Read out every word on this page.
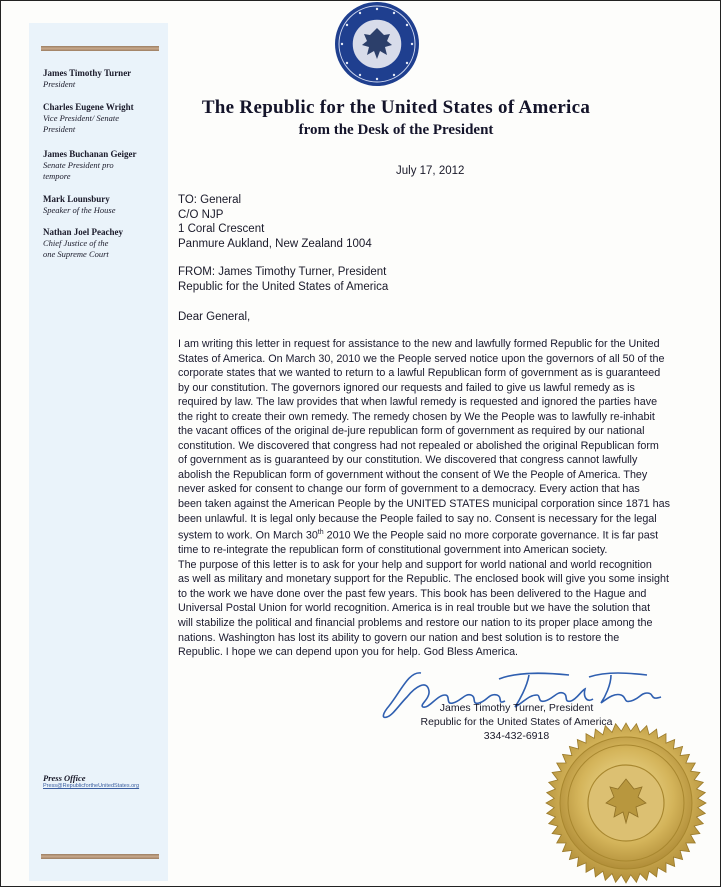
James Timothy Turner
President
Charles Eugene Wright
Vice President/ Senate
President
James Buchanan Geiger
Senate President pro
tempore
Mark Lounsbury
Speaker of the House
Nathan Joel Peachey
Chief Justice of the
one Supreme Court
Press Office
Press@RepublicfortheUnitedStates.org
The Republic for the United States of America
from the Desk of the President
July 17, 2012
TO: General
C/O NJP
1 Coral Crescent
Panmure Aukland, New Zealand 1004
FROM: James Timothy Turner, President
Republic for the United States of America
Dear General,
I am writing this letter in request for assistance to the new and lawfully formed Republic for the United
States of America. On March 30, 2010 we the People served notice upon the governors of all 50 of the
corporate states that we wanted to return to a lawful Republican form of government as is guaranteed
by our constitution. The governors ignored our requests and failed to give us lawful remedy as is
required by law. The law provides that when lawful remedy is requested and ignored the parties have
the right to create their own remedy. The remedy chosen by We the People was to lawfully re-inhabit
the vacant offices of the original de-jure republican form of government as required by our national
constitution. We discovered that congress had not repealed or abolished the original Republican form
of government as is guaranteed by our constitution. We discovered that congress cannot lawfully
abolish the Republican form of government without the consent of We the People of America. They
never asked for consent to change our form of government to a democracy. Every action that has
been taken against the American People by the UNITED STATES municipal corporation since 1871 has
been unlawful. It is legal only because the People failed to say no. Consent is necessary for the legal
system to work. On March 30th 2010 We the People said no more corporate governance. It is far past
time to re-integrate the republican form of constitutional government into American society.
The purpose of this letter is to ask for your help and support for world national and world recognition
as well as military and monetary support for the Republic. The enclosed book will give you some insight
to the work we have done over the past few years. This book has been delivered to the Hague and
Universal Postal Union for world recognition. America is in real trouble but we have the solution that
will stabilize the political and financial problems and restore our nation to its proper place among the
nations. Washington has lost its ability to govern our nation and best solution is to restore the
Republic. I hope we can depend upon you for help. God Bless America.
James Timothy Turner, President
Republic for the United States of America
334-432-6918
